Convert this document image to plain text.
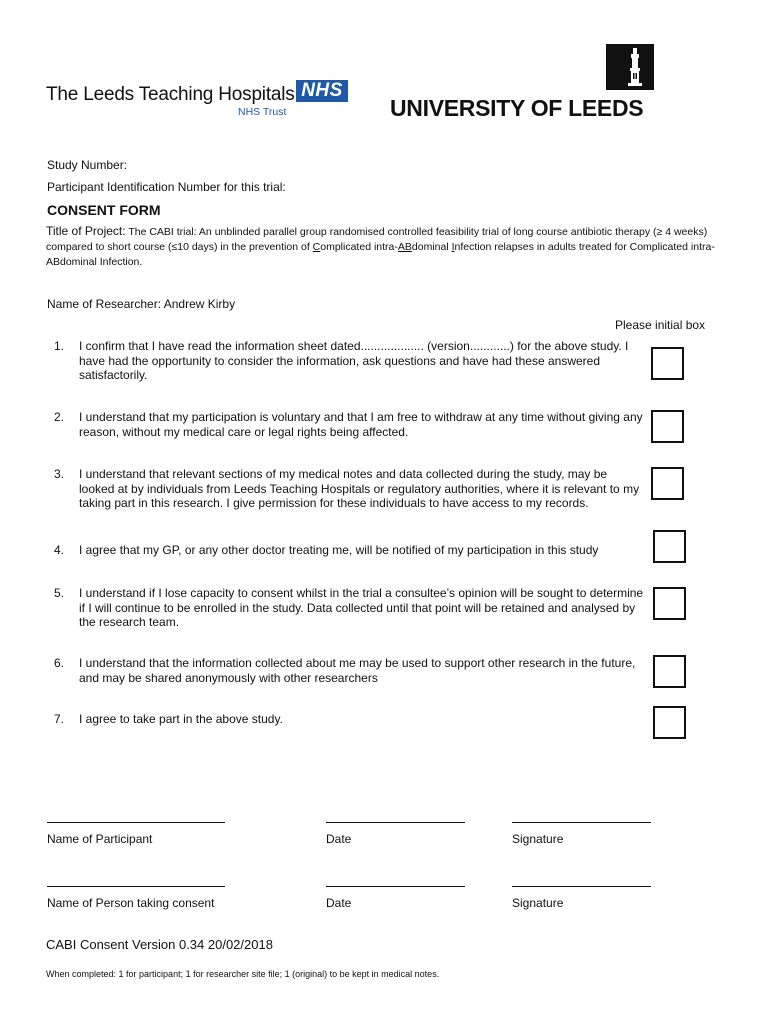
The Leeds Teaching Hospitals NHS
NHS Trust	UNIVERSITY OF LEEDS
Study Number:
Participant Identification Number for this trial:
CONSENT FORM
Title of Project: The CABI trial: An unblinded parallel group randomised controlled feasibility trial of long course antibiotic therapy (≥ 4 weeks) compared to short course (≤10 days) in the prevention of Complicated intra-ABdominal Infection relapses in adults treated for Complicated intra-ABdominal Infection.
Name of Researcher: Andrew Kirby
Please initial box
1.	I confirm that I have read the information sheet dated................... (version............) for the above study. I have had the opportunity to consider the information, ask questions and have had these answered satisfactorily.
2.	I understand that my participation is voluntary and that I am free to withdraw at any time without giving any reason, without my medical care or legal rights being affected.
3.	I understand that relevant sections of my medical notes and data collected during the study, may be looked at by individuals from Leeds Teaching Hospitals or regulatory authorities, where it is relevant to my taking part in this research. I give permission for these individuals to have access to my records.
4.	I agree that my GP, or any other doctor treating me, will be notified of my participation in this study
5.	I understand if I lose capacity to consent whilst in the trial a consultee’s opinion will be sought to determine if I will continue to be enrolled in the study. Data collected until that point will be retained and analysed by the research team.
6.	I understand that the information collected about me may be used to support other research in the future, and may be shared anonymously with other researchers
7.	I agree to take part in the above study.
Name of Participant	Date	Signature
Name of Person taking consent	Date	Signature
CABI Consent Version 0.34 20/02/2018
When completed: 1 for participant; 1 for researcher site file; 1 (original) to be kept in medical notes.
